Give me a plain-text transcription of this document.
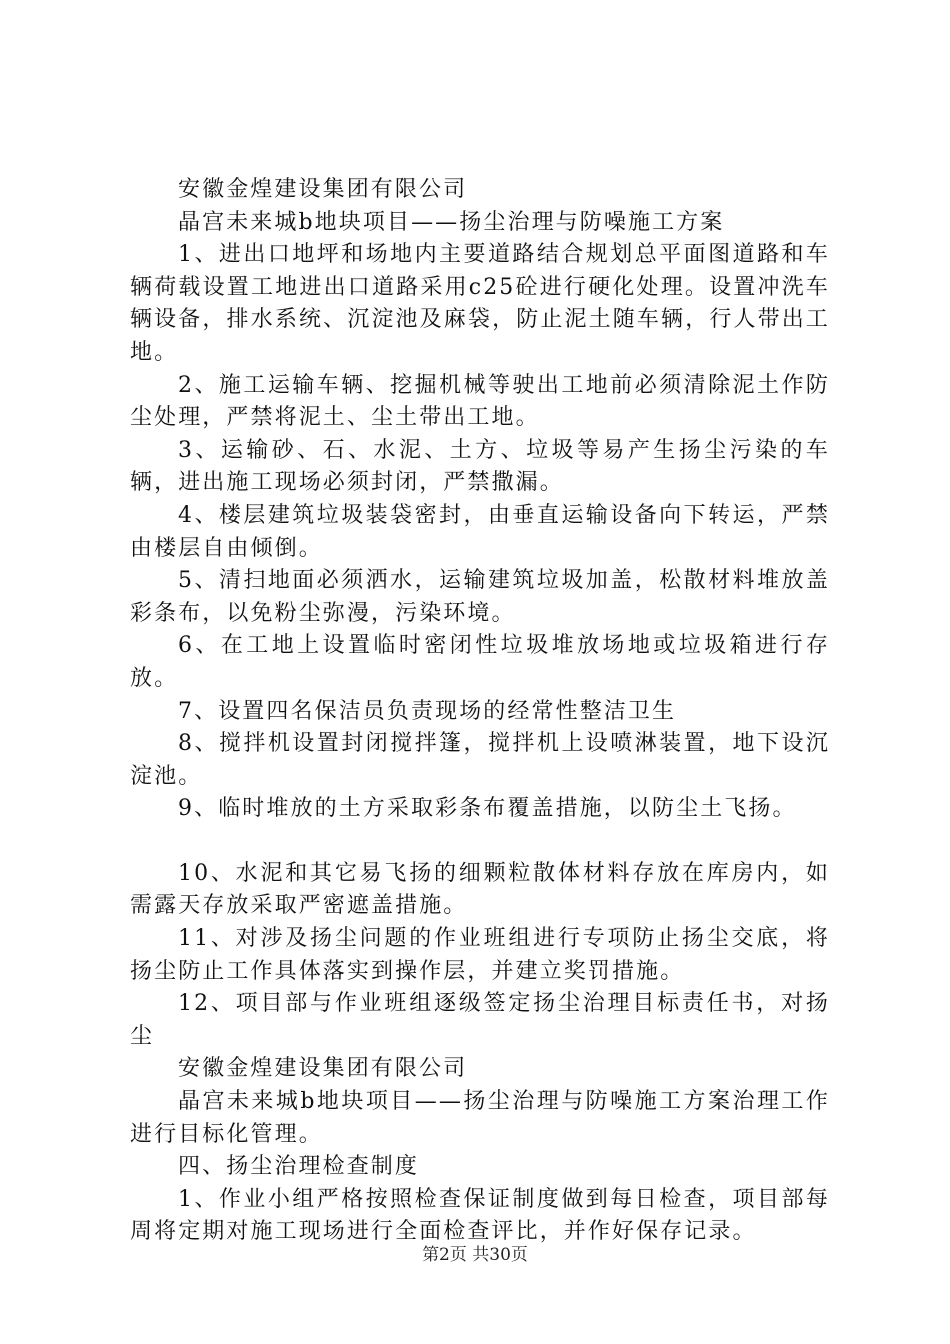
安徽金煌建设集团有限公司

晶宫未来城b地块项目——扬尘治理与防噪施工方案

1、进出口地坪和场地内主要道路结合规划总平面图道路和车辆荷载设置工地进出口道路采用c25砼进行硬化处理。设置冲洗车辆设备，排水系统、沉淀池及麻袋，防止泥土随车辆，行人带出工地。

2、施工运输车辆、挖掘机械等驶出工地前必须清除泥土作防尘处理，严禁将泥土、尘土带出工地。

3、运输砂、石、水泥、土方、垃圾等易产生扬尘污染的车辆，进出施工现场必须封闭，严禁撒漏。

4、楼层建筑垃圾装袋密封，由垂直运输设备向下转运，严禁由楼层自由倾倒。

5、清扫地面必须洒水，运输建筑垃圾加盖，松散材料堆放盖彩条布，以免粉尘弥漫，污染环境。

6、在工地上设置临时密闭性垃圾堆放场地或垃圾箱进行存放。

7、设置四名保洁员负责现场的经常性整洁卫生

8、搅拌机设置封闭搅拌篷，搅拌机上设喷淋装置，地下设沉淀池。

9、临时堆放的土方采取彩条布覆盖措施，以防尘土飞扬。

10、水泥和其它易飞扬的细颗粒散体材料存放在库房内，如需露天存放采取严密遮盖措施。

11、对涉及扬尘问题的作业班组进行专项防止扬尘交底，将扬尘防止工作具体落实到操作层，并建立奖罚措施。

12、项目部与作业班组逐级签定扬尘治理目标责任书，对扬尘

安徽金煌建设集团有限公司

晶宫未来城b地块项目——扬尘治理与防噪施工方案治理工作进行目标化管理。

四、扬尘治理检查制度

1、作业小组严格按照检查保证制度做到每日检查，项目部每周将定期对施工现场进行全面检查评比，并作好保存记录。

第2页 共30页
